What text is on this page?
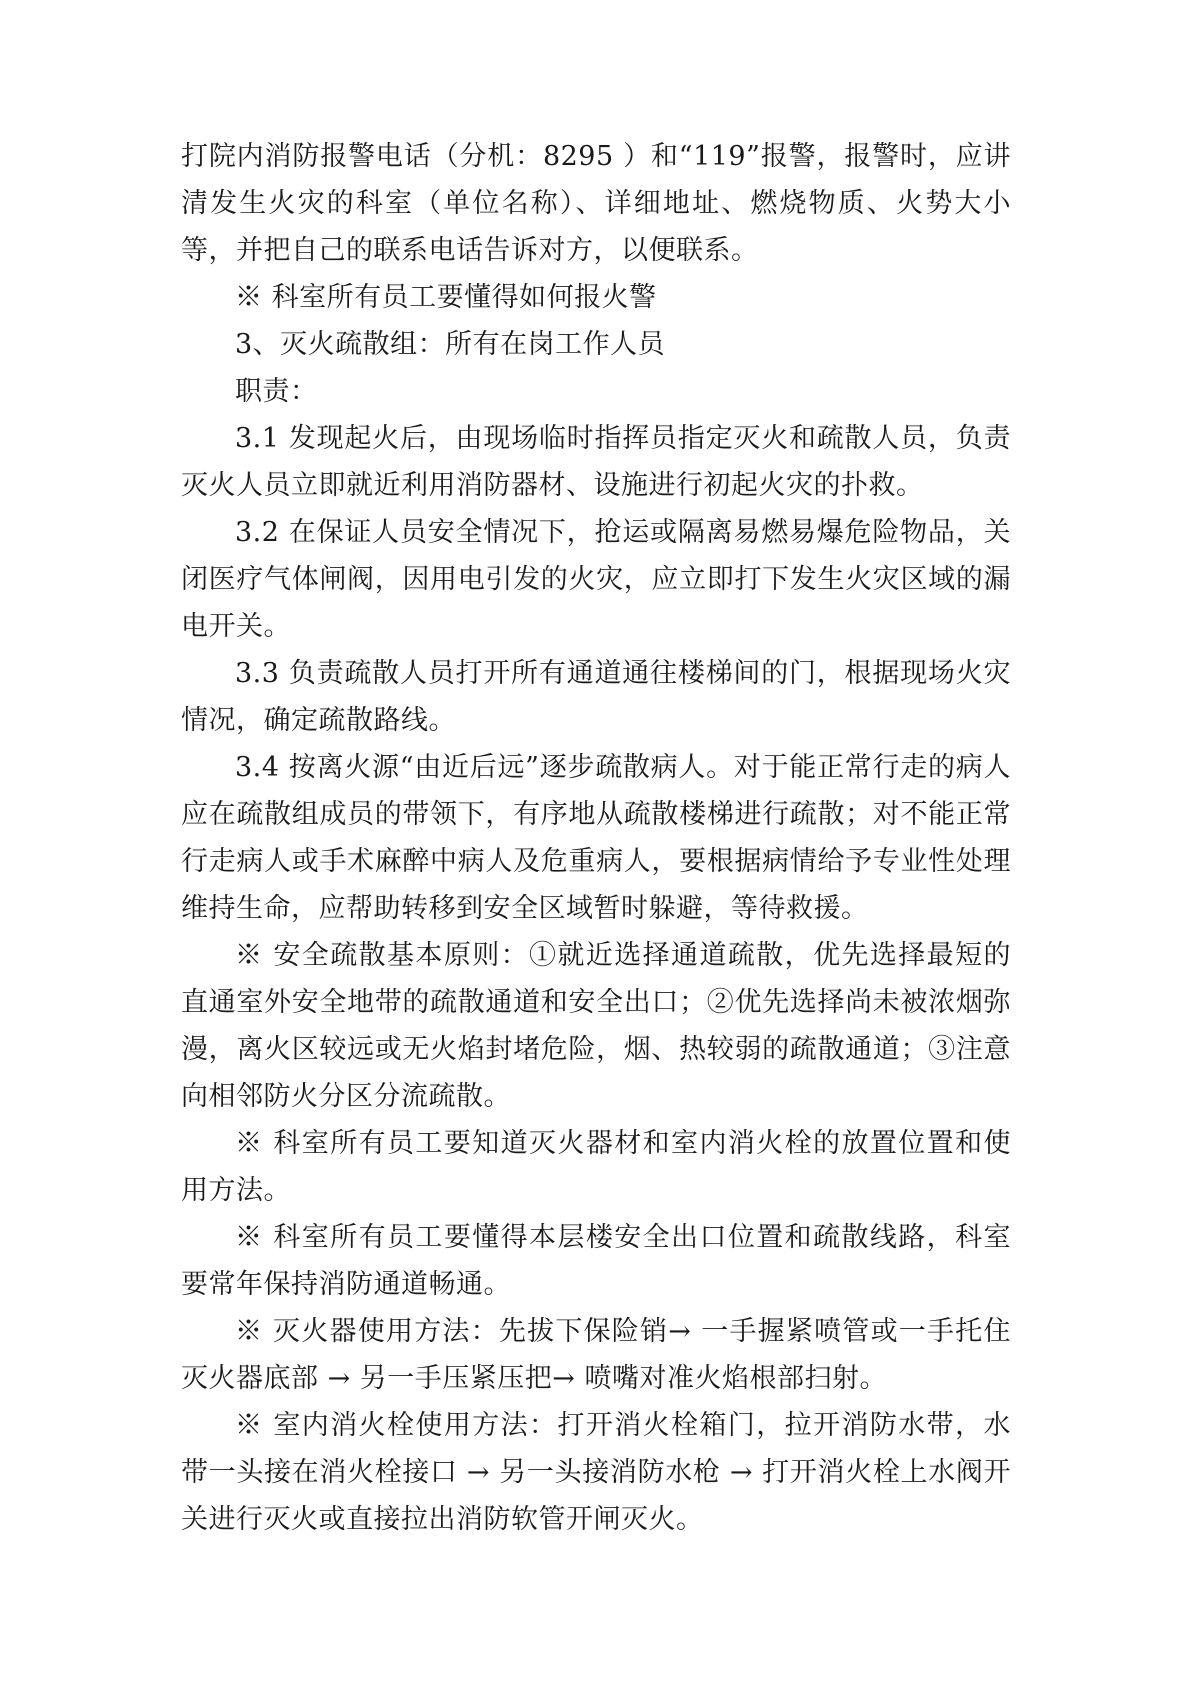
打院内消防报警电话（分机：8295 ）和“119”报警，报警时，应讲清发生火灾的科室（单位名称）、详细地址、燃烧物质、火势大小等，并把自己的联系电话告诉对方，以便联系。

※ 科室所有员工要懂得如何报火警

3、灭火疏散组：所有在岗工作人员

职责：

3.1 发现起火后，由现场临时指挥员指定灭火和疏散人员，负责灭火人员立即就近利用消防器材、设施进行初起火灾的扑救。

3.2 在保证人员安全情况下，抢运或隔离易燃易爆危险物品，关闭医疗气体闸阀，因用电引发的火灾，应立即打下发生火灾区域的漏电开关。

3.3 负责疏散人员打开所有通道通往楼梯间的门，根据现场火灾情况，确定疏散路线。

3.4 按离火源“由近后远”逐步疏散病人。对于能正常行走的病人应在疏散组成员的带领下，有序地从疏散楼梯进行疏散；对不能正常行走病人或手术麻醉中病人及危重病人，要根据病情给予专业性处理维持生命，应帮助转移到安全区域暂时躲避，等待救援。

※ 安全疏散基本原则：①就近选择通道疏散，优先选择最短的直通室外安全地带的疏散通道和安全出口；②优先选择尚未被浓烟弥漫，离火区较远或无火焰封堵危险，烟、热较弱的疏散通道；③注意向相邻防火分区分流疏散。

※ 科室所有员工要知道灭火器材和室内消火栓的放置位置和使用方法。

※ 科室所有员工要懂得本层楼安全出口位置和疏散线路，科室要常年保持消防通道畅通。

※ 灭火器使用方法：先拔下保险销→ 一手握紧喷管或一手托住灭火器底部 → 另一手压紧压把→ 喷嘴对准火焰根部扫射。

※ 室内消火栓使用方法：打开消火栓箱门，拉开消防水带，水带一头接在消火栓接口 → 另一头接消防水枪 → 打开消火栓上水阀开关进行灭火或直接拉出消防软管开闸灭火。
